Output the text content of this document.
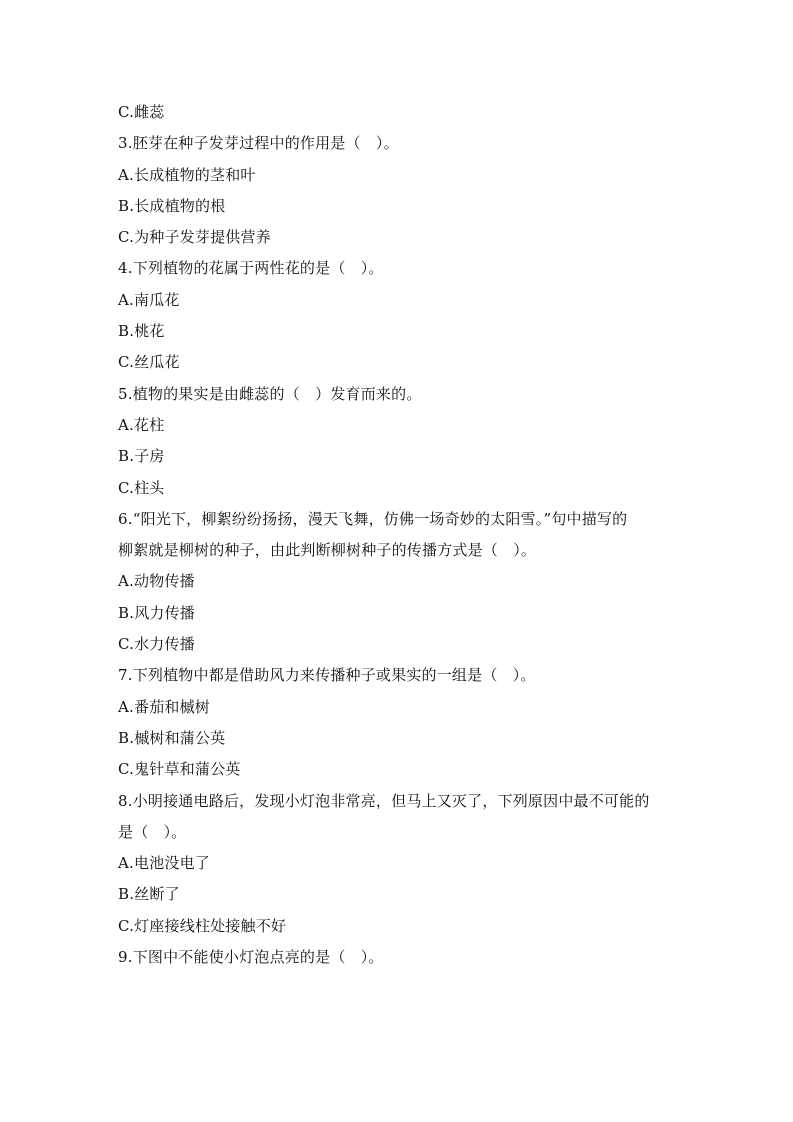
C.雌蕊
3.胚芽在种子发芽过程中的作用是（　）。
A.长成植物的茎和叶
B.长成植物的根
C.为种子发芽提供营养
4.下列植物的花属于两性花的是（　）。
A.南瓜花
B.桃花
C.丝瓜花
5.植物的果实是由雌蕊的（　）发育而来的。
A.花柱
B.子房
C.柱头
6.“阳光下，柳絮纷纷扬扬，漫天飞舞，仿佛一场奇妙的太阳雪。”句中描写的
柳絮就是柳树的种子，由此判断柳树种子的传播方式是（　）。
A.动物传播
B.风力传播
C.水力传播
7.下列植物中都是借助风力来传播种子或果实的一组是（　）。
A.番茄和槭树
B.槭树和蒲公英
C.鬼针草和蒲公英
8.小明接通电路后，发现小灯泡非常亮，但马上又灭了，下列原因中最不可能的
是（　）。
A.电池没电了
B.丝断了
C.灯座接线柱处接触不好
9.下图中不能使小灯泡点亮的是（　）。
